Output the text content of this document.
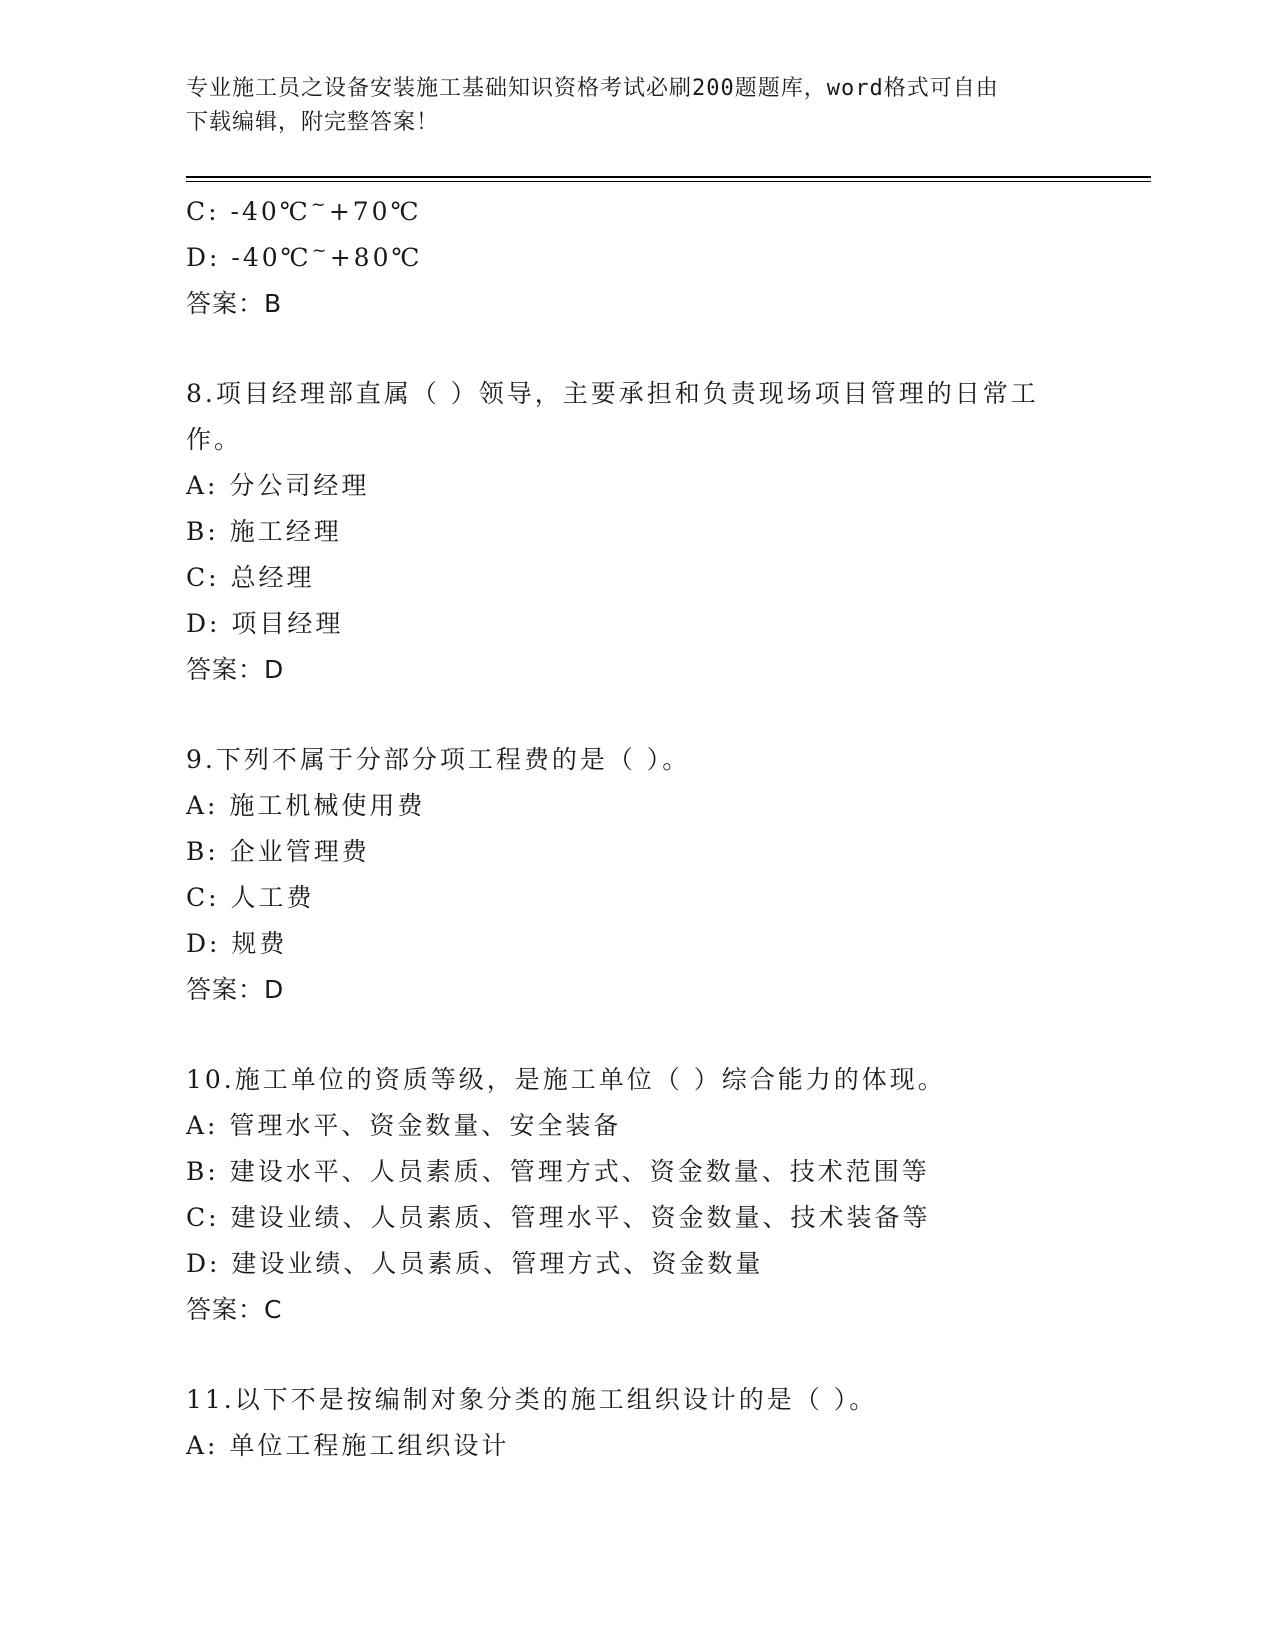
专业施工员之设备安装施工基础知识资格考试必刷200题题库，word格式可自由
下载编辑，附完整答案！
C: -40℃~+70℃
D: -40℃~+80℃
答案：B
8.项目经理部直属（ ）领导，主要承担和负责现场项目管理的日常工
作。
A: 分公司经理
B: 施工经理
C: 总经理
D: 项目经理
答案：D
9.下列不属于分部分项工程费的是（ ）。
A: 施工机械使用费
B: 企业管理费
C: 人工费
D: 规费
答案：D
10.施工单位的资质等级，是施工单位（ ）综合能力的体现。
A: 管理水平、资金数量、安全装备
B: 建设水平、人员素质、管理方式、资金数量、技术范围等
C: 建设业绩、人员素质、管理水平、资金数量、技术装备等
D: 建设业绩、人员素质、管理方式、资金数量
答案：C
11.以下不是按编制对象分类的施工组织设计的是（ ）。
A: 单位工程施工组织设计
